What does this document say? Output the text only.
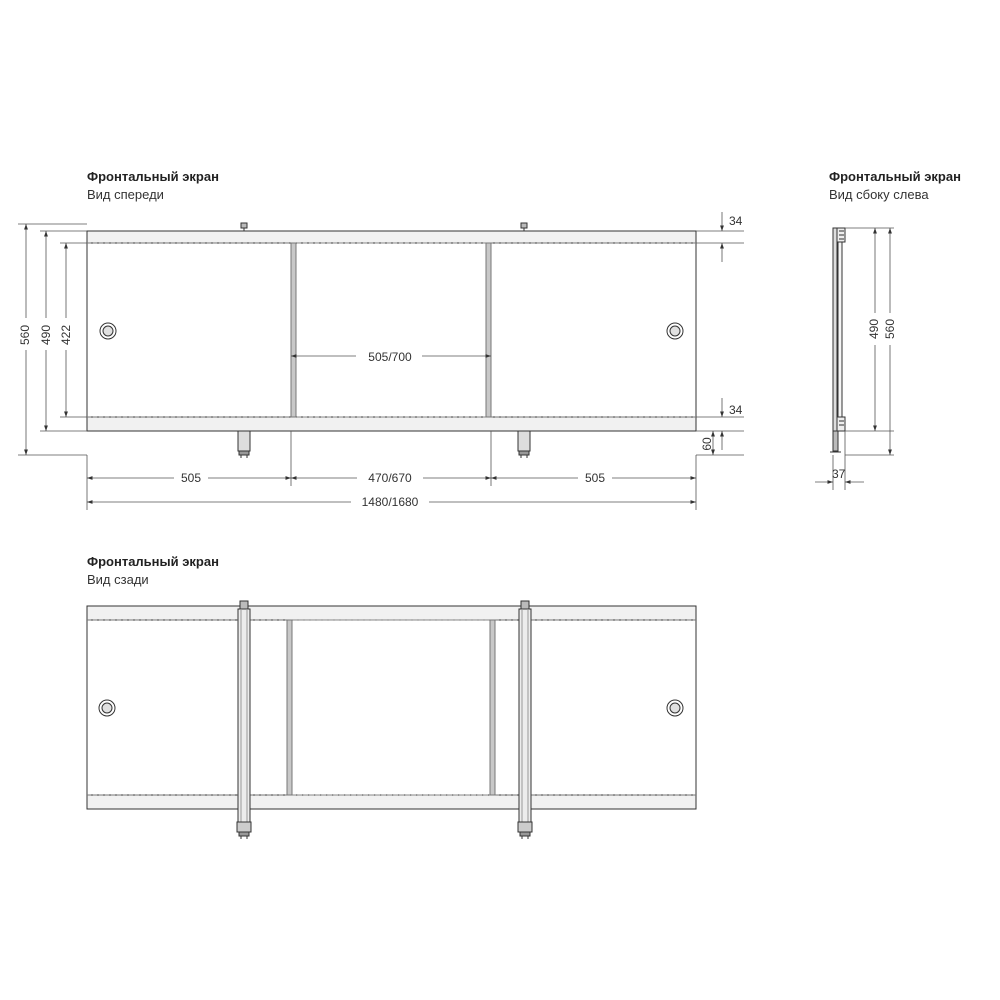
Фронтальный экран
Вид спереди
Фронтальный экран
Вид сбоку слева
Фронтальный экран
Вид сзади
560 490 422
34
34
60
505/700
505	470/670	505
1480/1680
490 560
37
